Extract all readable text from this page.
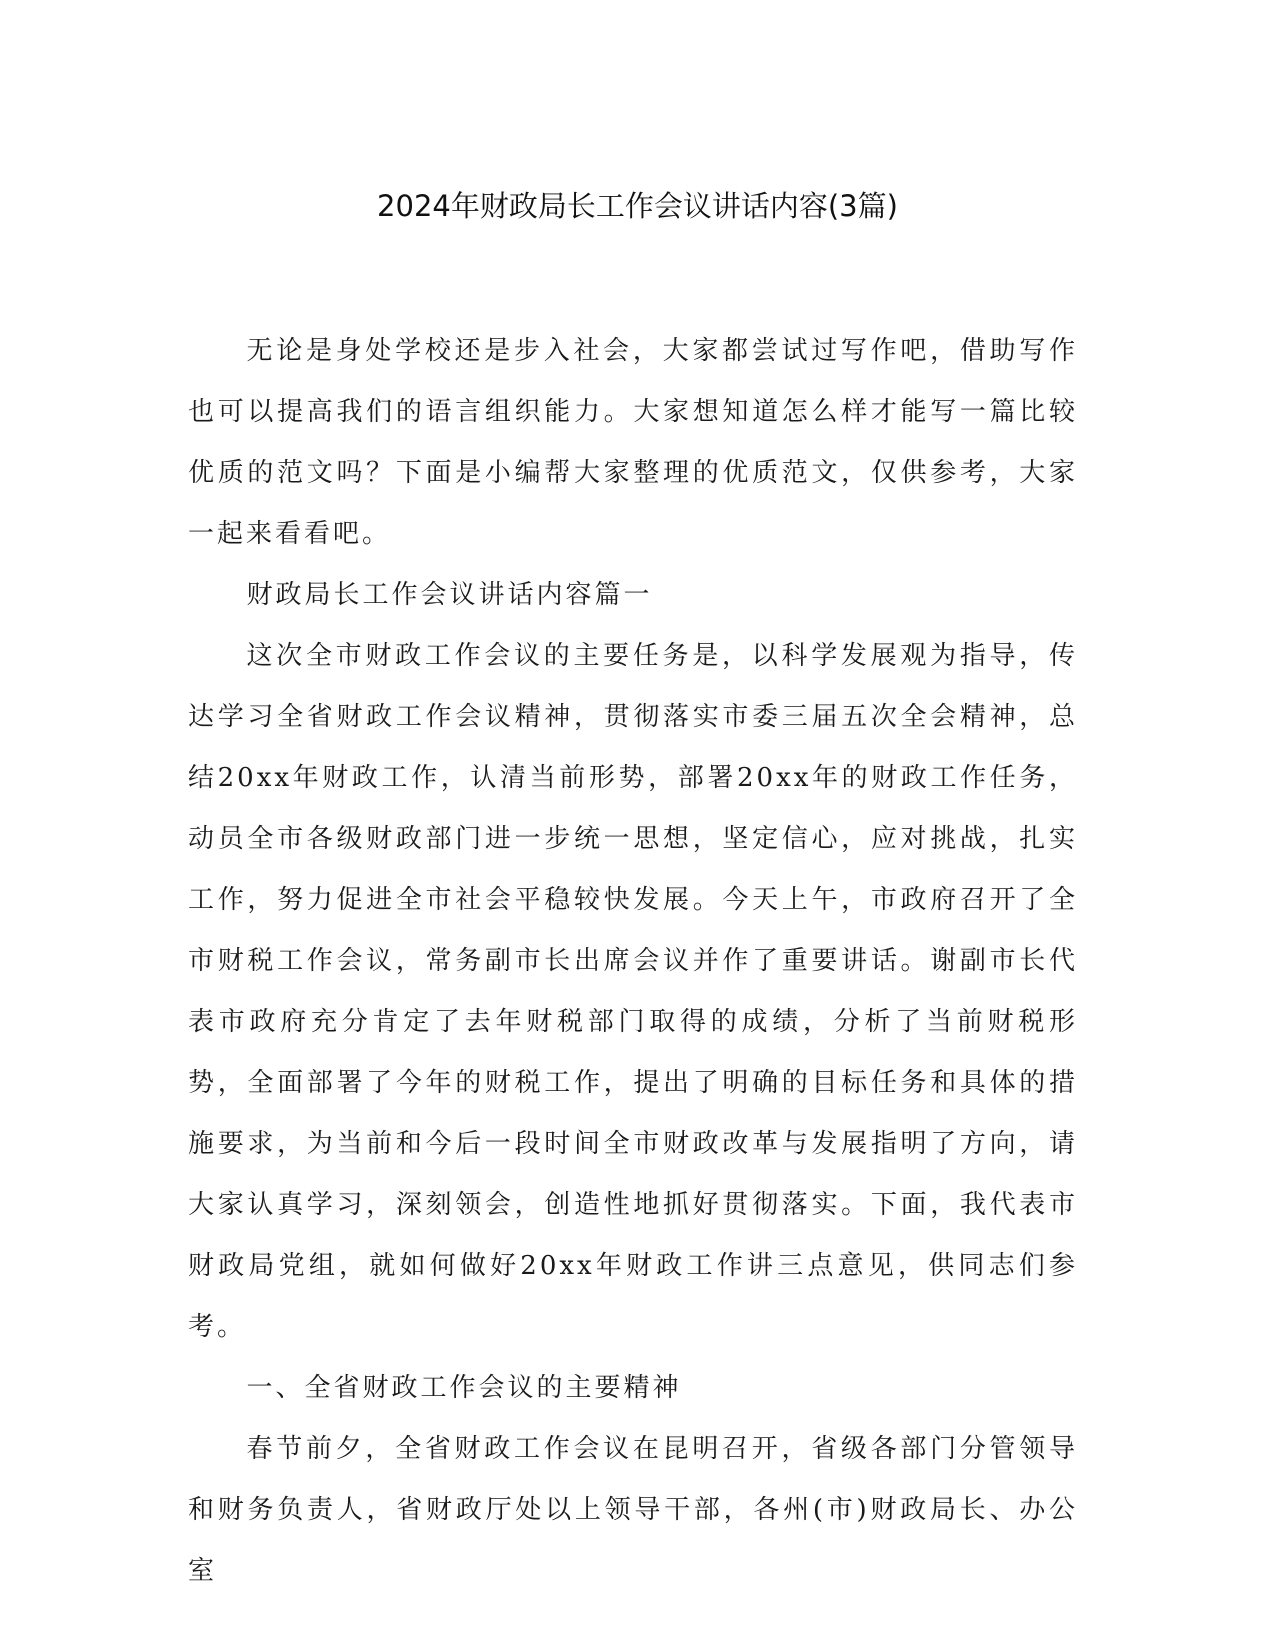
2024年财政局长工作会议讲话内容(3篇)

无论是身处学校还是步入社会，大家都尝试过写作吧，借助写作也可以提高我们的语言组织能力。大家想知道怎么样才能写一篇比较优质的范文吗？下面是小编帮大家整理的优质范文，仅供参考，大家一起来看看吧。

财政局长工作会议讲话内容篇一

这次全市财政工作会议的主要任务是，以科学发展观为指导，传达学习全省财政工作会议精神，贯彻落实市委三届五次全会精神，总结20xx年财政工作，认清当前形势，部署20xx年的财政工作任务，动员全市各级财政部门进一步统一思想，坚定信心，应对挑战，扎实工作，努力促进全市社会平稳较快发展。今天上午，市政府召开了全市财税工作会议，常务副市长出席会议并作了重要讲话。谢副市长代表市政府充分肯定了去年财税部门取得的成绩，分析了当前财税形势，全面部署了今年的财税工作，提出了明确的目标任务和具体的措施要求，为当前和今后一段时间全市财政改革与发展指明了方向，请大家认真学习，深刻领会，创造性地抓好贯彻落实。下面，我代表市财政局党组，就如何做好20xx年财政工作讲三点意见，供同志们参考。

一、全省财政工作会议的主要精神

春节前夕，全省财政工作会议在昆明召开，省级各部门分管领导和财务负责人，省财政厅处以上领导干部，各州(市)财政局长、办公室
